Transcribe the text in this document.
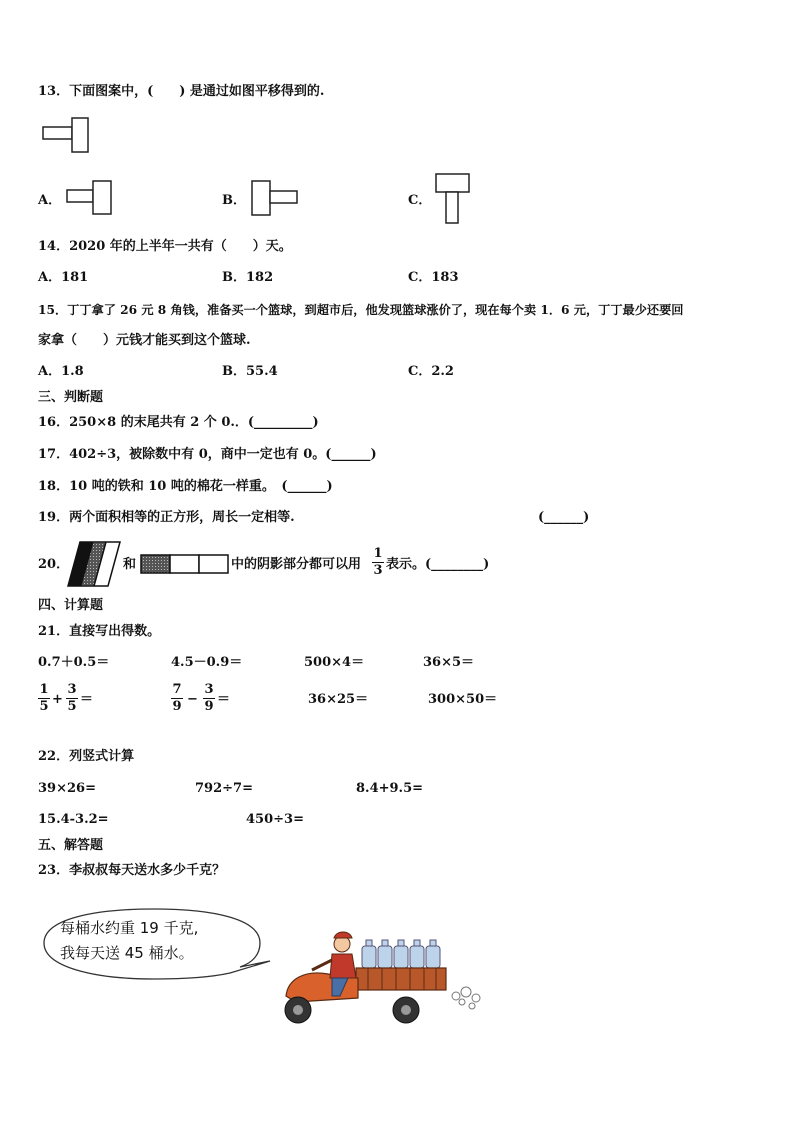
13．下面图案中，(　　) 是通过如图平移得到的.
A．	B．	C．
14．2020 年的上半年一共有（　　）天。
A．181	B．182	C．183
15．丁丁拿了 26 元 8 角钱，准备买一个篮球，到超市后，他发现篮球涨价了，现在每个卖 1．6 元，丁丁最少还要回
家拿（　　）元钱才能买到这个篮球.
A．1.8	B．55.4	C．2.2
三、判断题
16．250×8 的末尾共有 2 个 0.．(_________)
17．402÷3，被除数中有 0，商中一定也有 0。(______)
18．10 吨的铁和 10 吨的棉花一样重。　(______)
19．两个面积相等的正方形，周长一定相等.	(______)
20．	和	中的阴影部分都可以用 $\frac{1}{3}$ 表示。(________)
四、计算题
21．直接写出得数。
0.7＋0.5＝	4.5－0.9＝	500×4＝	36×5＝
$\frac{1}{5} + \frac{3}{5}$ ＝	$\frac{7}{9} - \frac{3}{9}$ ＝	36×25＝	300×50＝
22．列竖式计算
39×26=	792÷7=	8.4+9.5=
15.4-3.2=	450÷3=
五、解答题
23．李叔叔每天送水多少千克？
每桶水约重 19 千克,
我每天送 45 桶水。
